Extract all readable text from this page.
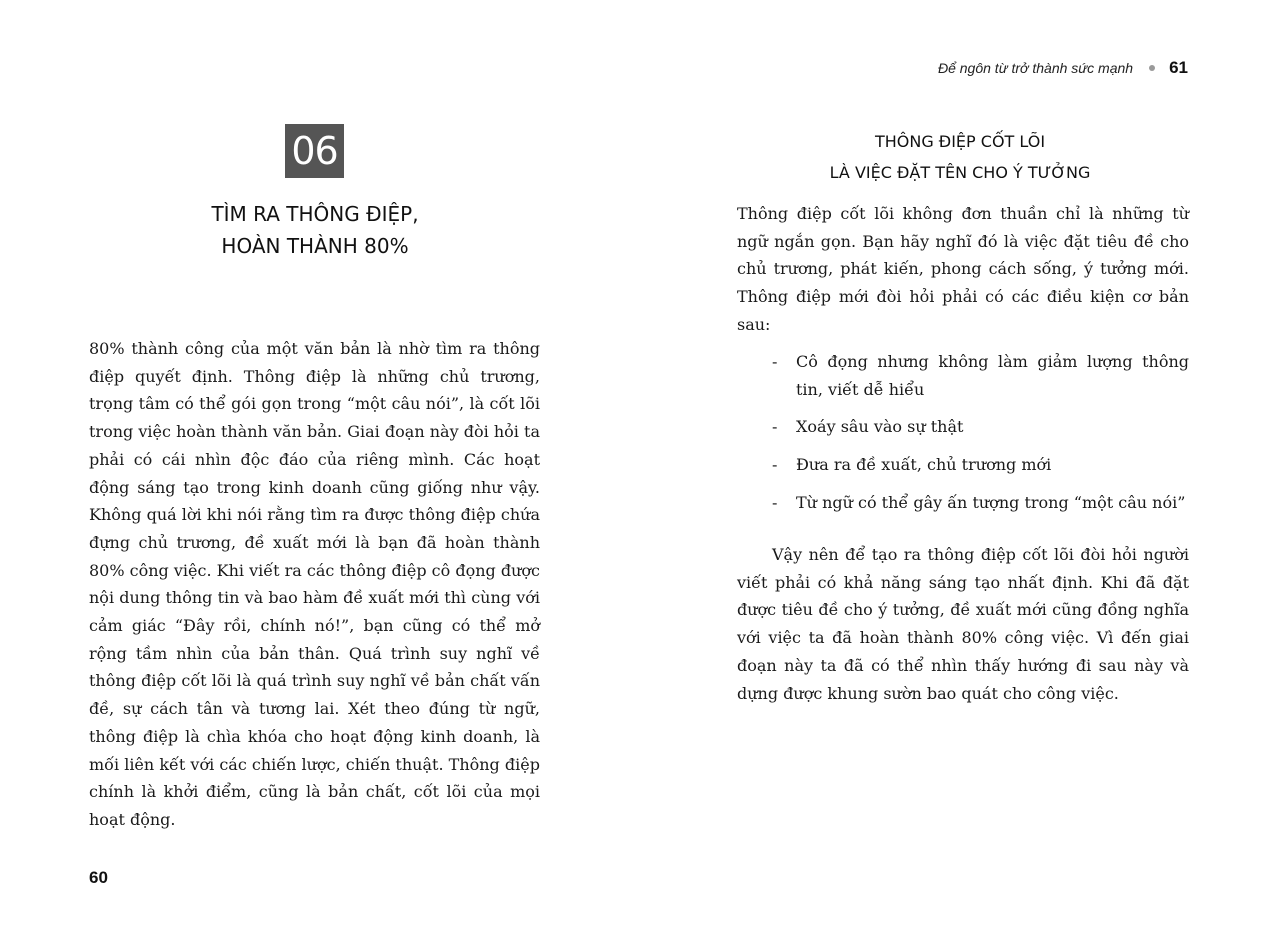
06
TÌM RA THÔNG ĐIỆP,
HOÀN THÀNH 80%

80% thành công của một văn bản là nhờ tìm ra thông điệp quyết định. Thông điệp là những chủ trương, trọng tâm có thể gói gọn trong “một câu nói”, là cốt lõi trong việc hoàn thành văn bản. Giai đoạn này đòi hỏi ta phải có cái nhìn độc đáo của riêng mình. Các hoạt động sáng tạo trong kinh doanh cũng giống như vậy. Không quá lời khi nói rằng tìm ra được thông điệp chứa đựng chủ trương, đề xuất mới là bạn đã hoàn thành 80% công việc. Khi viết ra các thông điệp cô đọng được nội dung thông tin và bao hàm đề xuất mới thì cùng với cảm giác “Đây rồi, chính nó!”, bạn cũng có thể mở rộng tầm nhìn của bản thân. Quá trình suy nghĩ về thông điệp cốt lõi là quá trình suy nghĩ về bản chất vấn đề, sự cách tân và tương lai. Xét theo đúng từ ngữ, thông điệp là chìa khóa cho hoạt động kinh doanh, là mối liên kết với các chiến lược, chiến thuật. Thông điệp chính là khởi điểm, cũng là bản chất, cốt lõi của mọi hoạt động.

60
Để ngôn từ trở thành sức mạnh 61
THÔNG ĐIỆP CỐT LÕI
LÀ VIỆC ĐẶT TÊN CHO Ý TƯỞNG

Thông điệp cốt lõi không đơn thuần chỉ là những từ ngữ ngắn gọn. Bạn hãy nghĩ đó là việc đặt tiêu đề cho chủ trương, phát kiến, phong cách sống, ý tưởng mới. Thông điệp mới đòi hỏi phải có các điều kiện cơ bản sau:

-	Cô đọng nhưng không làm giảm lượng thông tin, viết dễ hiểu
-	Xoáy sâu vào sự thật
-	Đưa ra đề xuất, chủ trương mới
-	Từ ngữ có thể gây ấn tượng trong “một câu nói”

Vậy nên để tạo ra thông điệp cốt lõi đòi hỏi người viết phải có khả năng sáng tạo nhất định. Khi đã đặt được tiêu đề cho ý tưởng, đề xuất mới cũng đồng nghĩa với việc ta đã hoàn thành 80% công việc. Vì đến giai đoạn này ta đã có thể nhìn thấy hướng đi sau này và dựng được khung sườn bao quát cho công việc.
